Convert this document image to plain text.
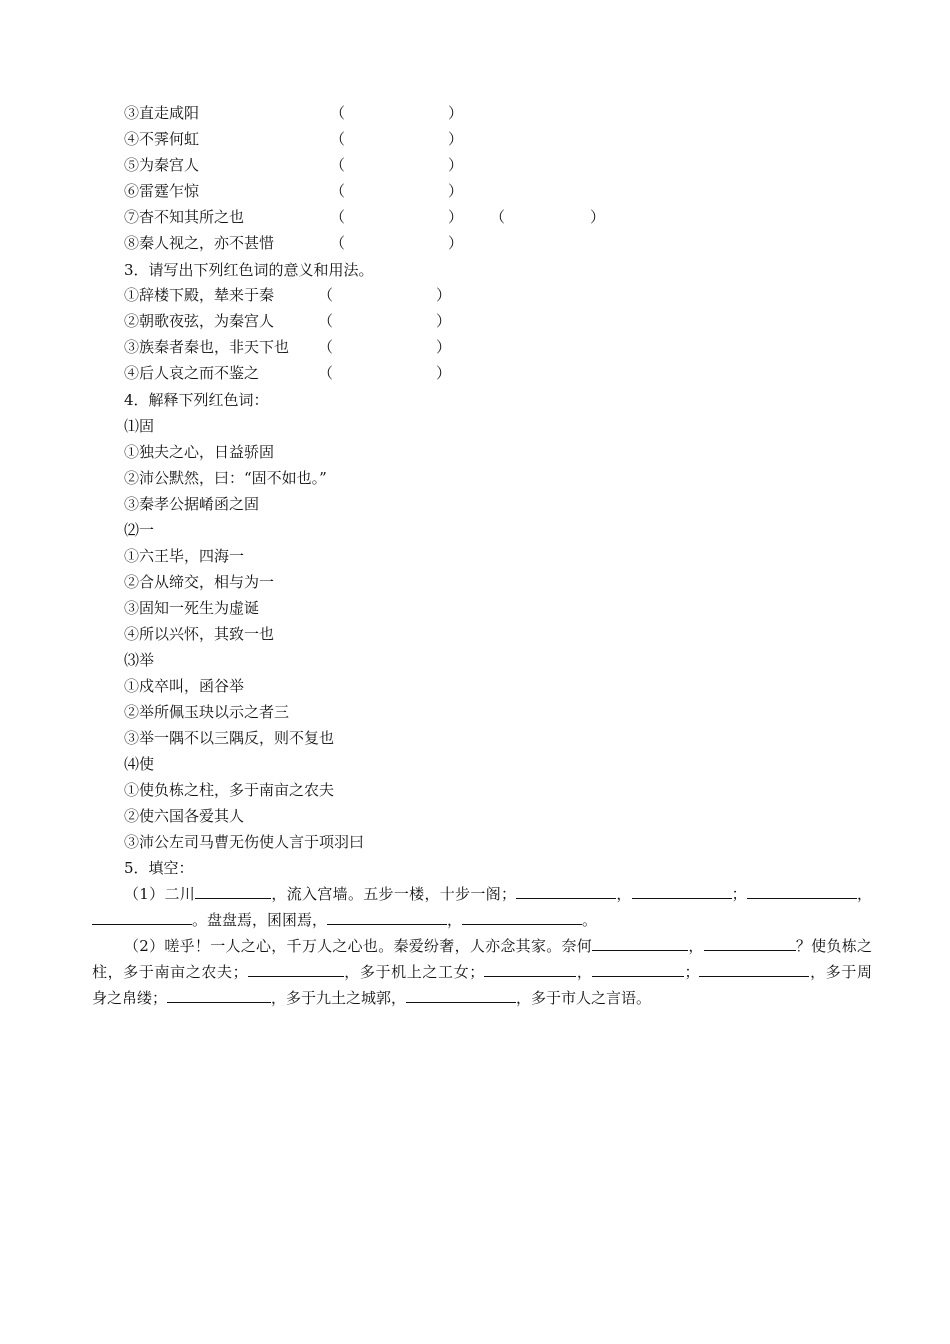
③直走咸阳	（	）
④不霁何虹	（	）
⑤为秦宫人	（	）
⑥雷霆乍惊	（	）
⑦杳不知其所之也	（	） （	）
⑧秦人视之，亦不甚惜	（	）
3．请写出下列红色词的意义和用法。
①辞楼下殿，辇来于秦	（	）
②朝歌夜弦，为秦宫人	（	）
③族秦者秦也，非天下也 （	）
④后人哀之而不鉴之	（	）
4．解释下列红色词：
⑴固
①独夫之心，日益骄固
②沛公默然，曰：“固不如也。”
③秦孝公据崤函之固
⑵一
①六王毕，四海一
②合从缔交，相与为一
③固知一死生为虚诞
④所以兴怀，其致一也
⑶举
①戍卒叫，函谷举
②举所佩玉玦以示之者三
③举一隅不以三隅反，则不复也
⑷使
①使负栋之柱，多于南亩之农夫
②使六国各爱其人
③沛公左司马曹无伤使人言于项羽曰
5．填空：
（1）二川	，流入宫墙。五步一楼，十步一阁；	，	；	，。盘盘焉，囷囷焉，	，	。
（2）嗟乎！一人之心，千万人之心也。秦爱纷奢，人亦念其家。奈何	，	？使负栋之柱，多于南亩之农夫；	，多于机上之工女；	，	；	，多于周身之帛缕；	，多于九土之城郭，	，多于市人之言语。
